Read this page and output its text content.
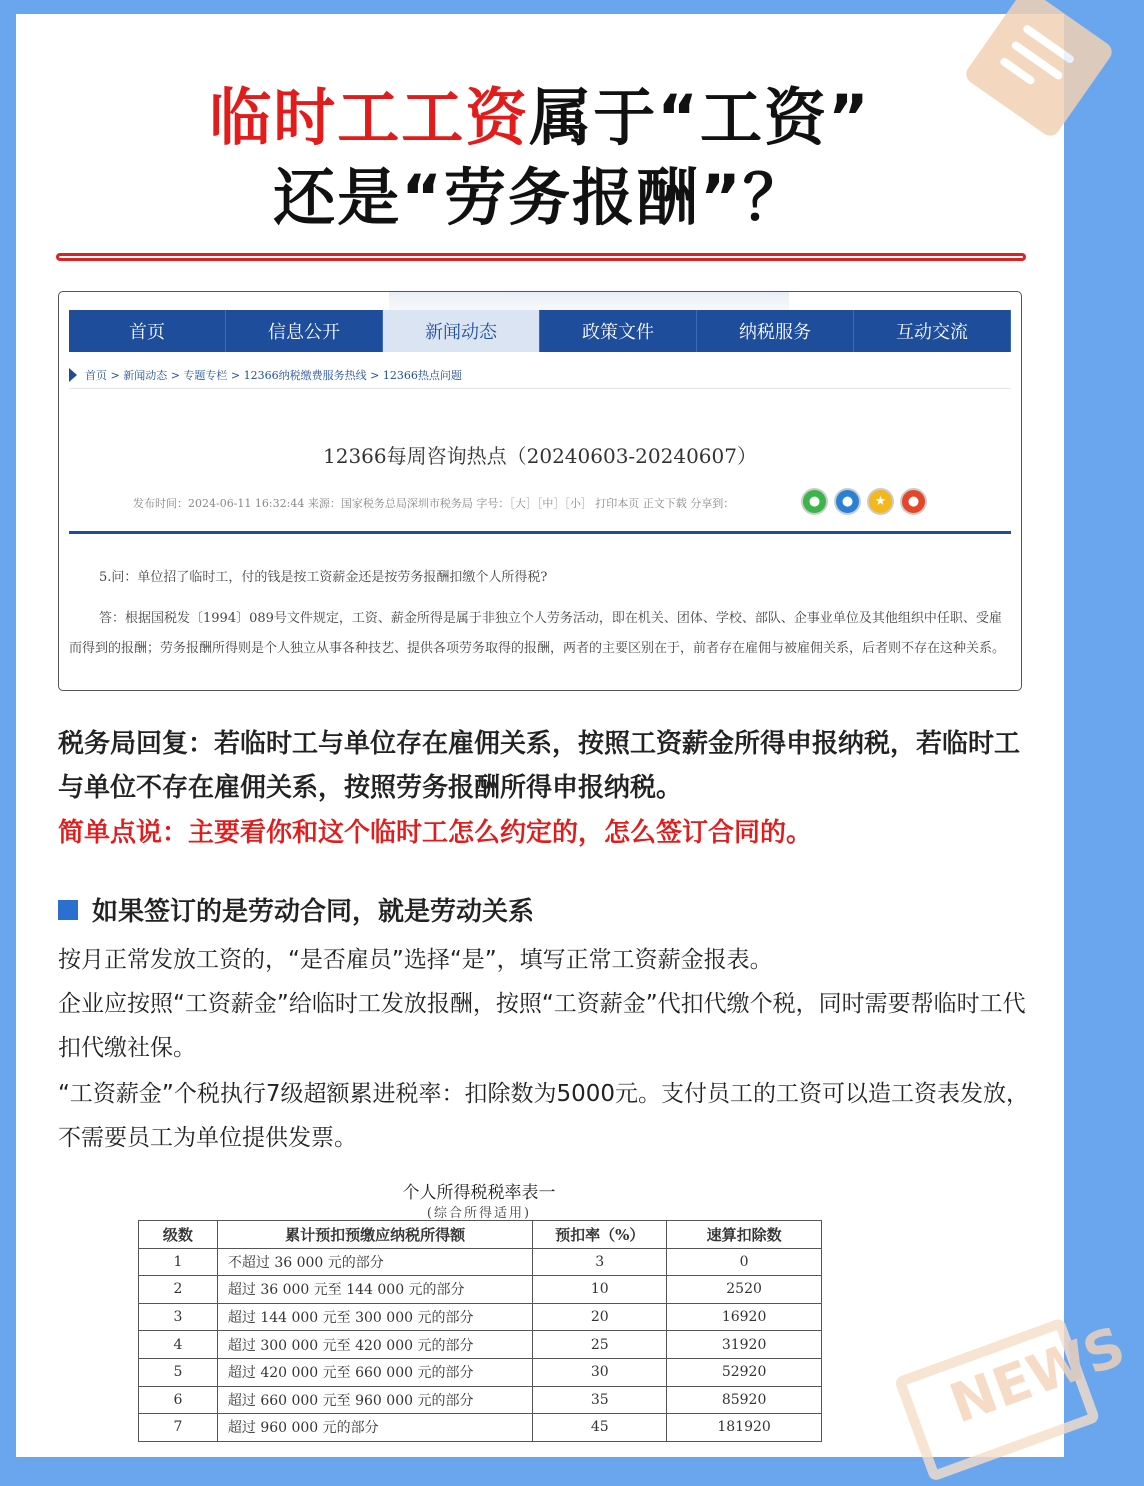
临时工工资属于“工资”
还是“劳务报酬”？
首页	信息公开	新闻动态	政策文件	纳税服务	互动交流
首页 > 新闻动态 > 专题专栏 > 12366纳税缴费服务热线 > 12366热点问题
12366每周咨询热点（20240603-20240607）
发布时间：2024-06-11 16:32:44 来源：国家税务总局深圳市税务局 字号：［大］［中］［小］ 打印本页 正文下载 分享到：	●	●	★	●
5.问：单位招了临时工，付的钱是按工资薪金还是按劳务报酬扣缴个人所得税?
答：根据国税发〔1994〕089号文件规定，工资、薪金所得是属于非独立个人劳务活动，即在机关、团体、学校、部队、企事业单位及其他组织中任职、受雇而得到的报酬；劳务报酬所得则是个人独立从事各种技艺、提供各项劳务取得的报酬，两者的主要区别在于，前者存在雇佣与被雇佣关系，后者则不存在这种关系。
税务局回复：若临时工与单位存在雇佣关系，按照工资薪金所得申报纳税，若临时工与单位不存在雇佣关系，按照劳务报酬所得申报纳税。
简单点说：主要看你和这个临时工怎么约定的，怎么签订合同的。
如果签订的是劳动合同，就是劳动关系
按月正常发放工资的，“是否雇员”选择“是”，填写正常工资薪金报表。
企业应按照“工资薪金”给临时工发放报酬，按照“工资薪金”代扣代缴个税，同时需要帮临时工代扣代缴社保。
“工资薪金”个税执行7级超额累进税率：扣除数为5000元。支付员工的工资可以造工资表发放，不需要员工为单位提供发票。
个人所得税税率表一
(综合所得适用)
级数	累计预扣预缴应纳税所得额	预扣率（%）	速算扣除数
1	不超过 36 000 元的部分	3	0
2	超过 36 000 元至 144 000 元的部分	10	2520
3	超过 144 000 元至 300 000 元的部分	20	16920
4	超过 300 000 元至 420 000 元的部分	25	31920
5	超过 420 000 元至 660 000 元的部分	30	52920
6	超过 660 000 元至 960 000 元的部分	35	85920
7	超过 960 000 元的部分	45	181920	NEWS
